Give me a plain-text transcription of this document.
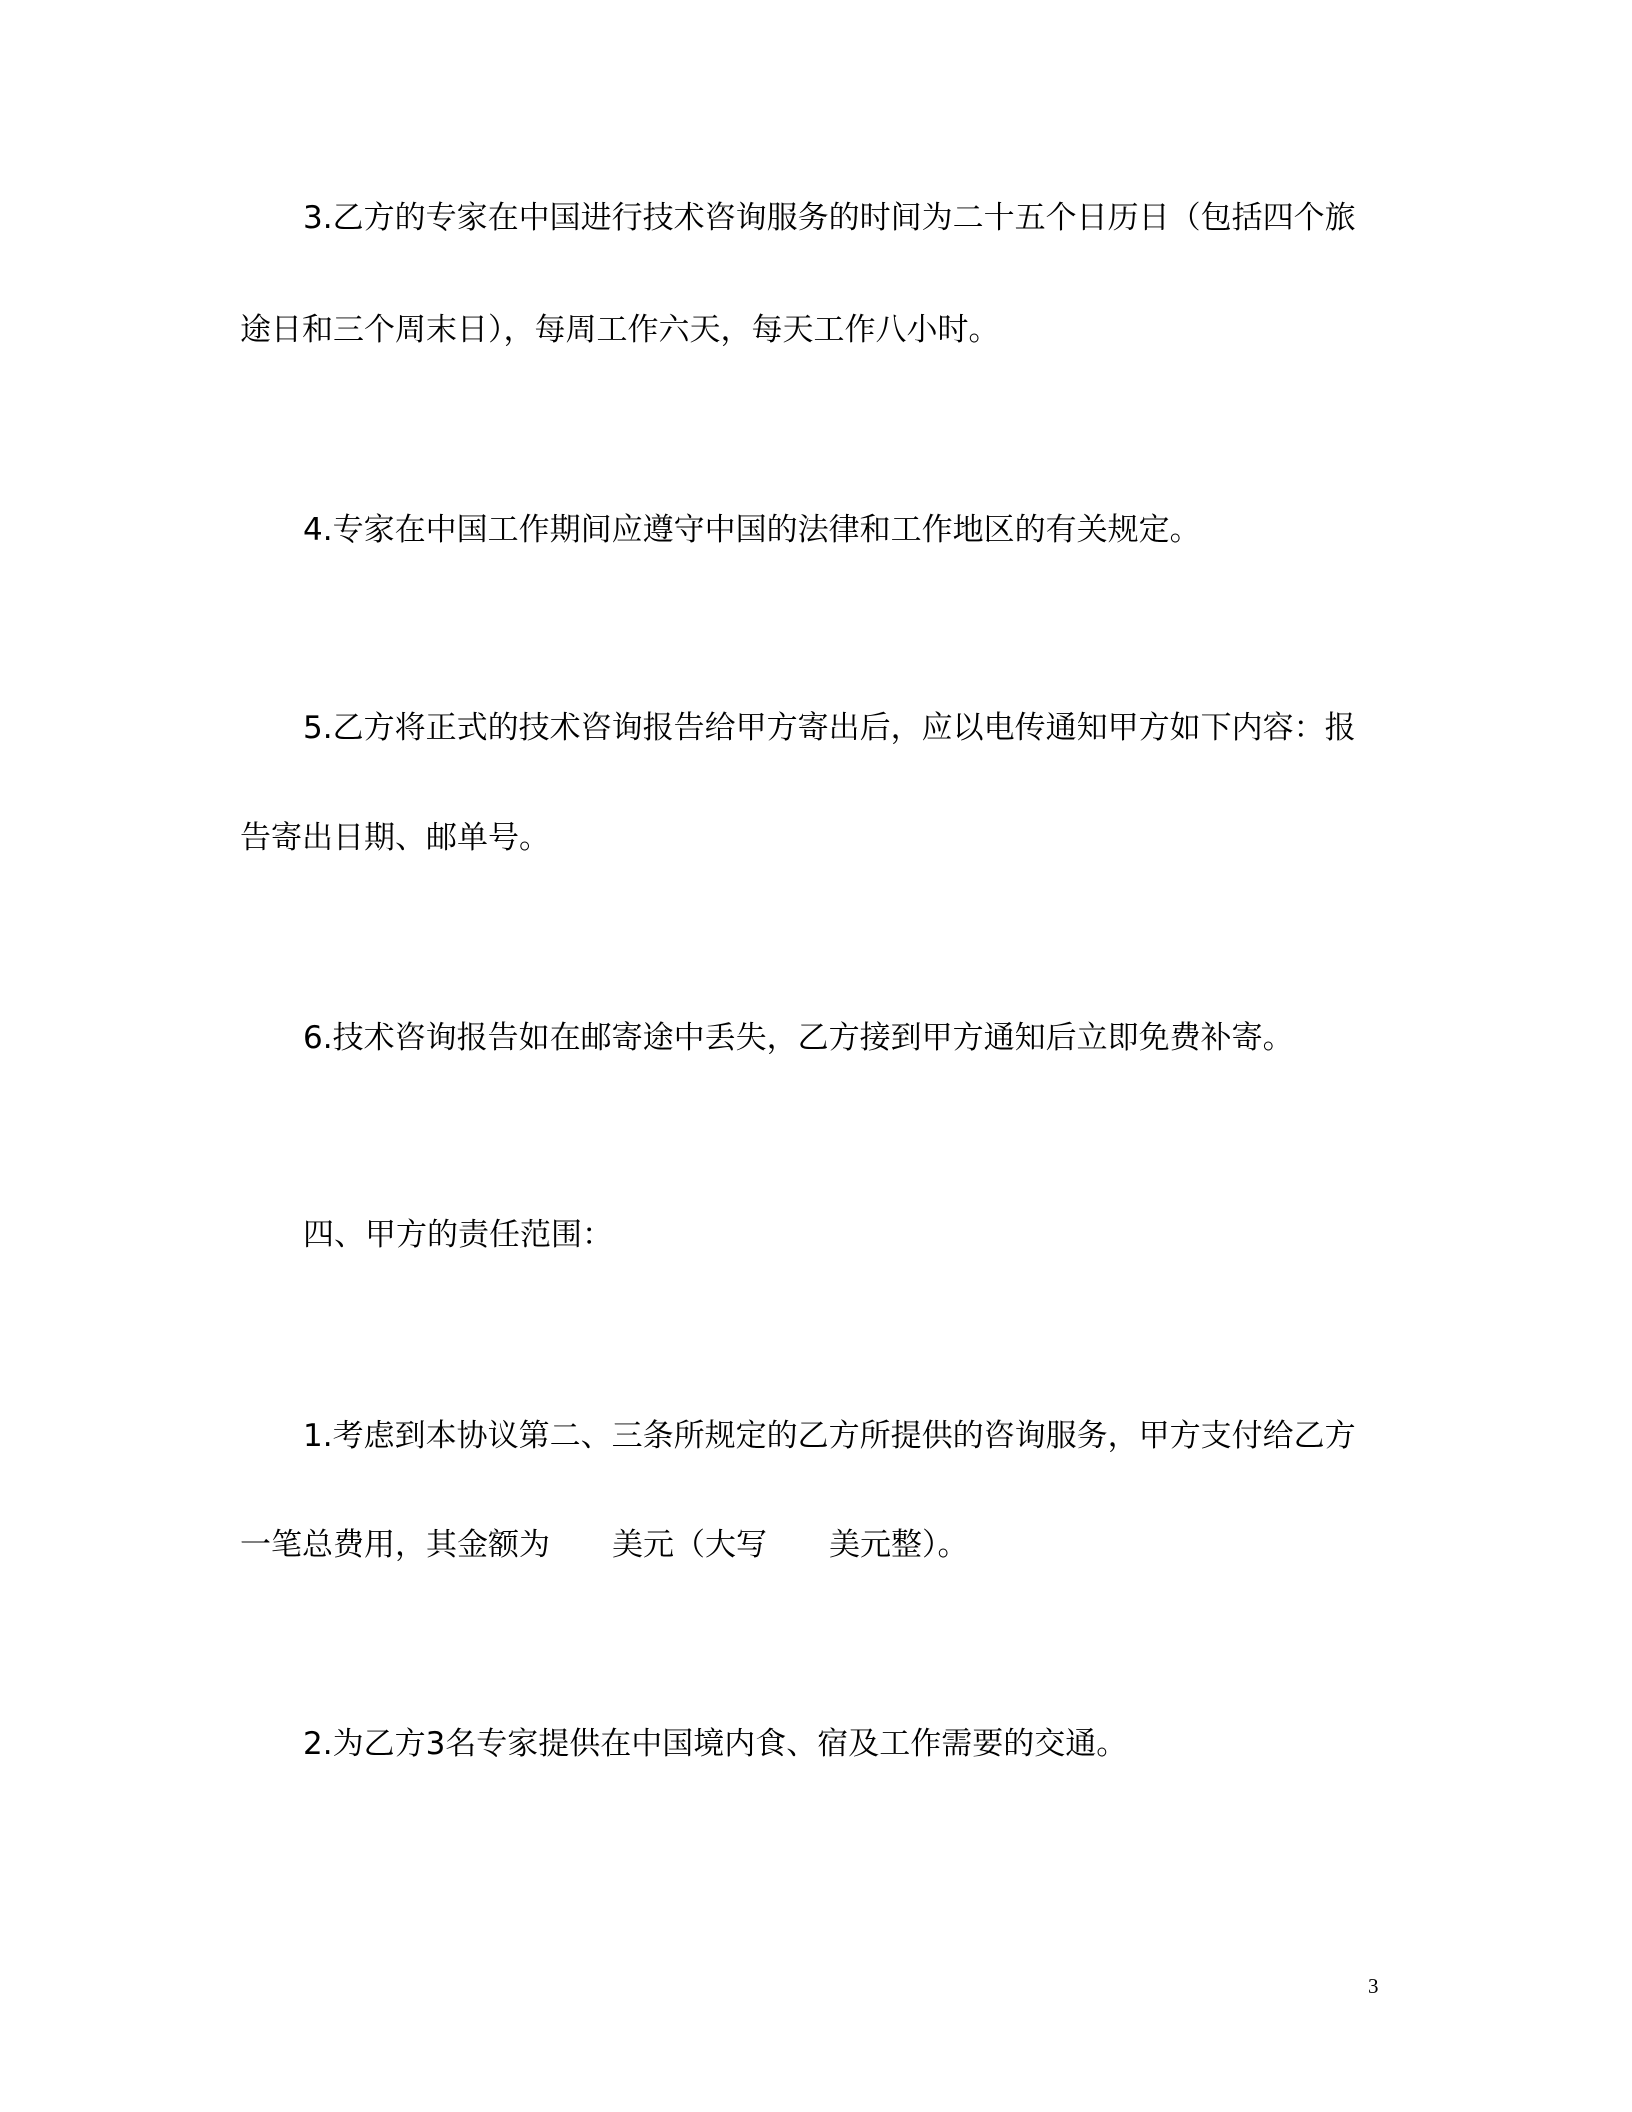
3.乙方的专家在中国进行技术咨询服务的时间为二十五个日历日（包括四个旅
途日和三个周末日），每周工作六天，每天工作八小时。
4.专家在中国工作期间应遵守中国的法律和工作地区的有关规定。
5.乙方将正式的技术咨询报告给甲方寄出后，应以电传通知甲方如下内容：报
告寄出日期、邮单号。
6.技术咨询报告如在邮寄途中丢失，乙方接到甲方通知后立即免费补寄。
四、甲方的责任范围：
1.考虑到本协议第二、三条所规定的乙方所提供的咨询服务，甲方支付给乙方
一笔总费用，其金额为 美元（大写 美元整）。
2.为乙方3名专家提供在中国境内食、宿及工作需要的交通。
3
